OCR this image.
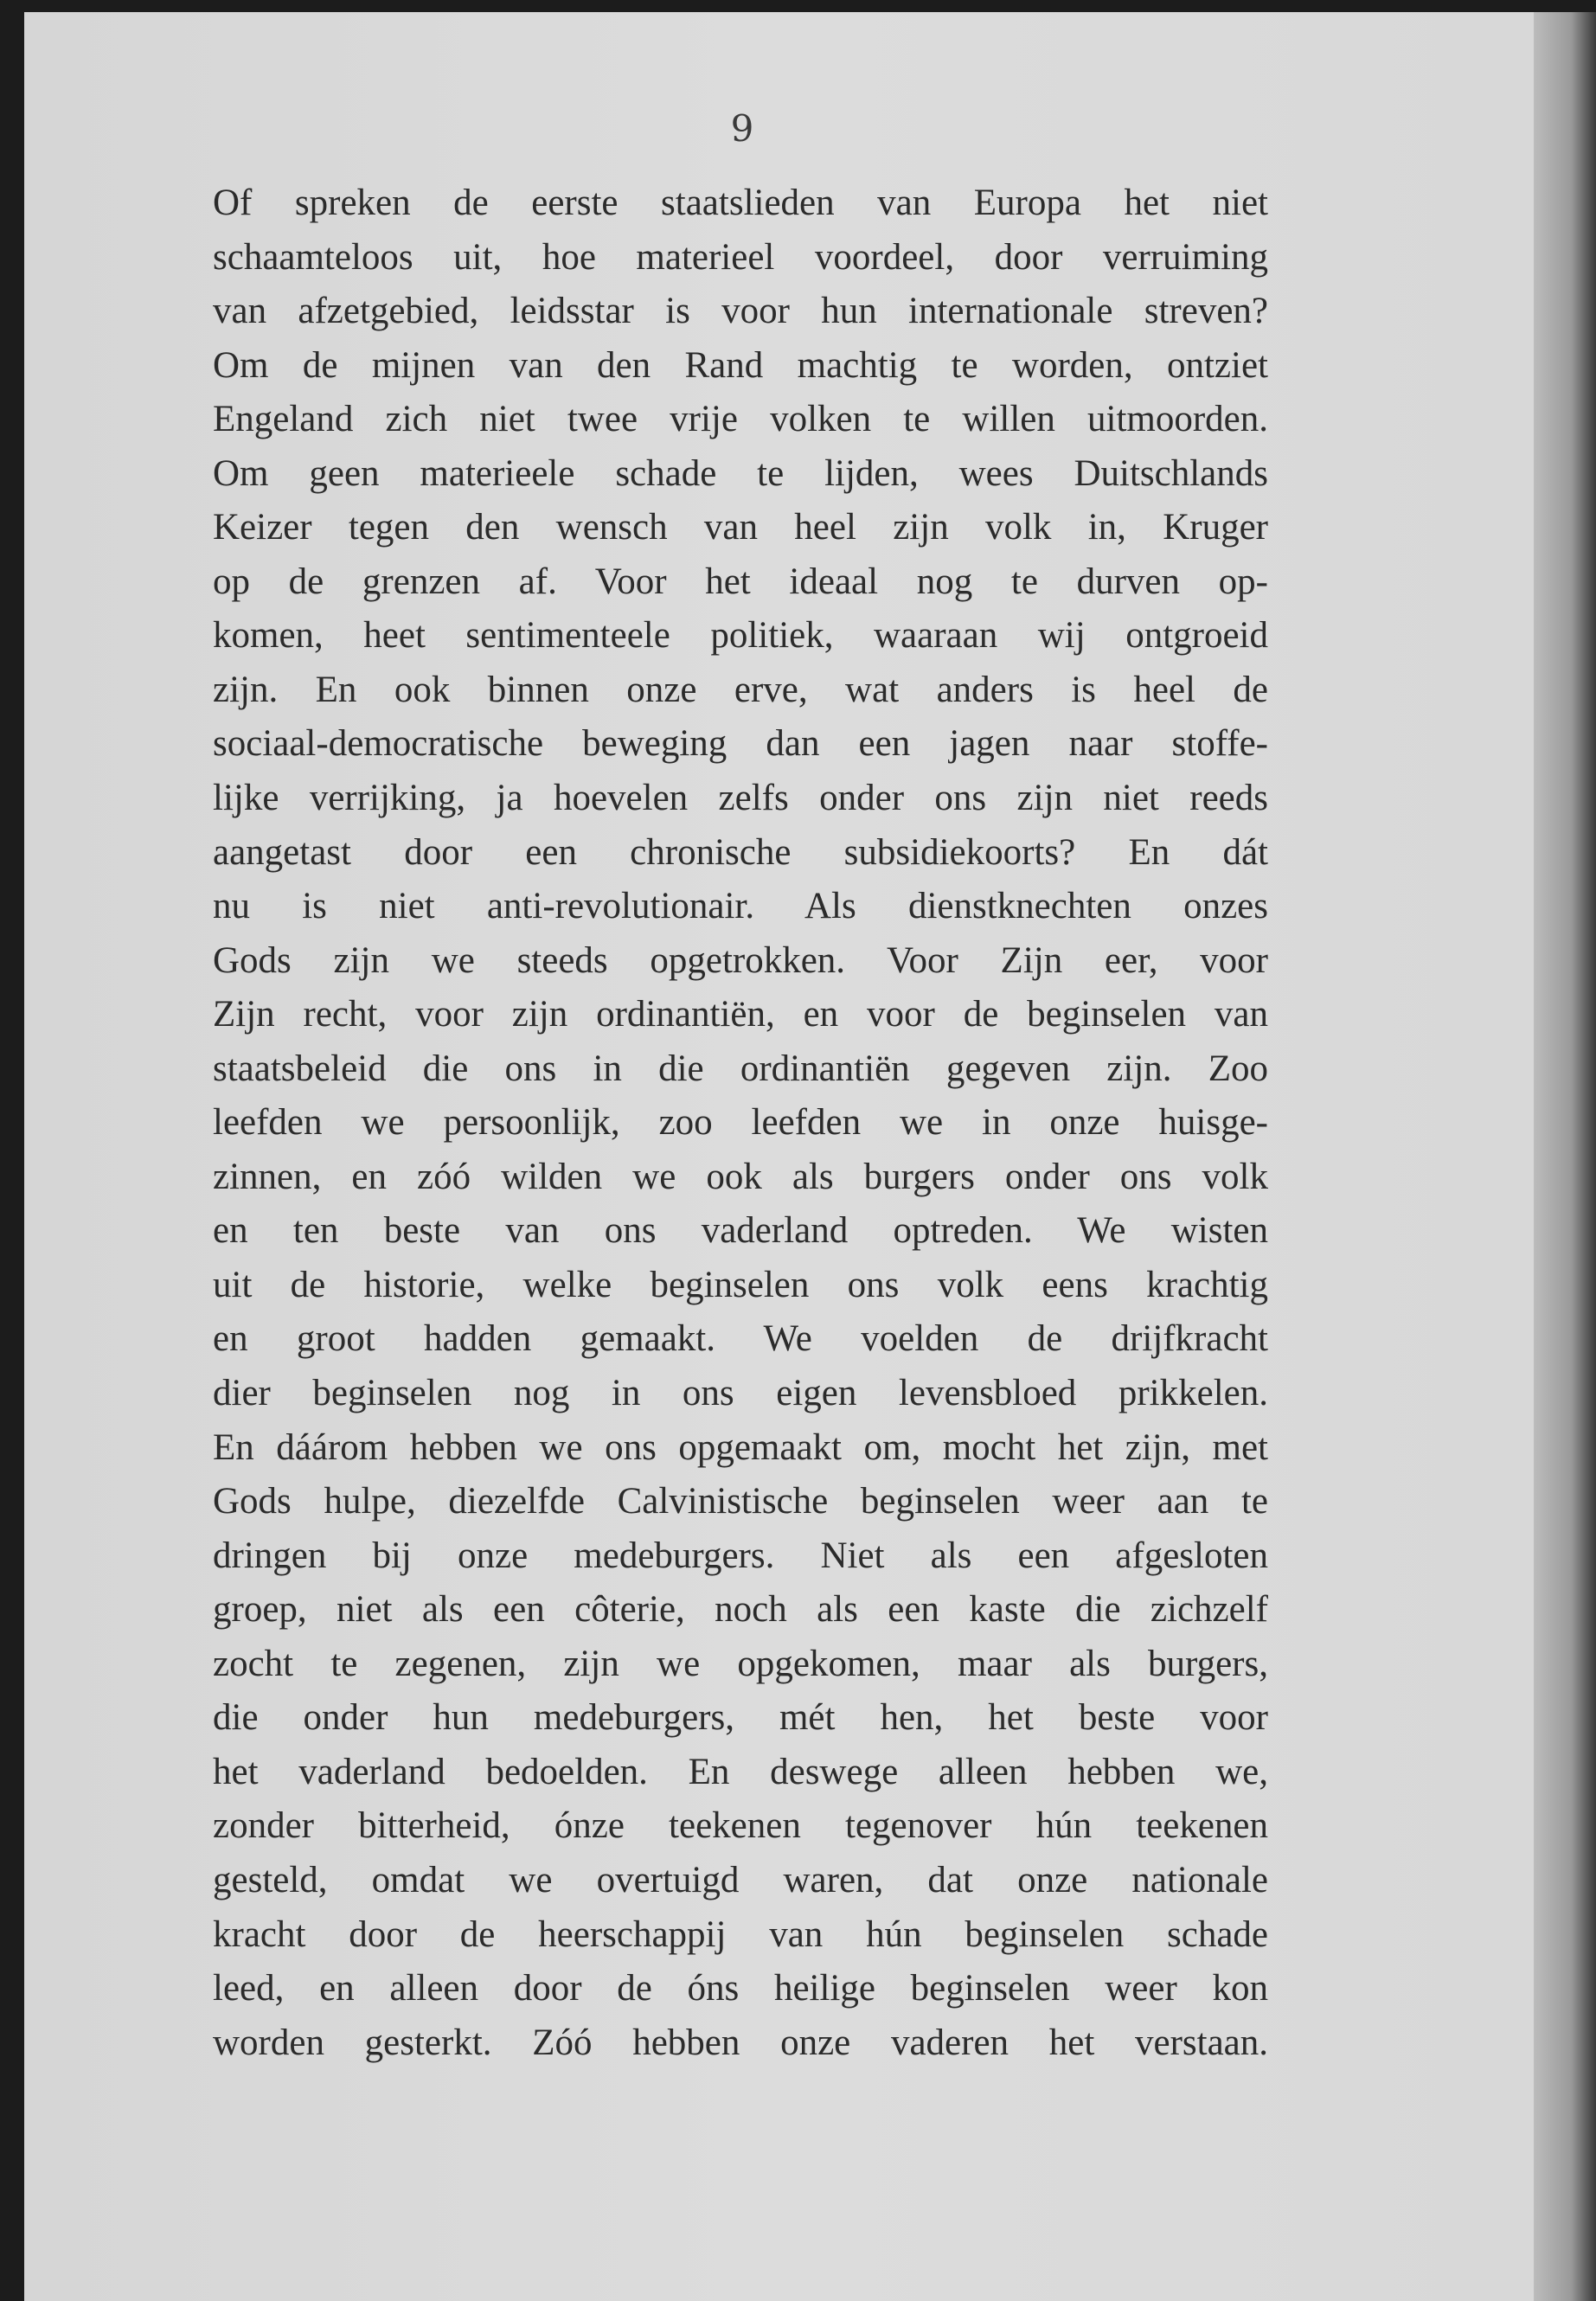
9

Of spreken de eerste staatslieden van Europa het niet
schaamteloos uit, hoe materieel voordeel, door verruiming
van afzetgebied, leidsstar is voor hun internationale streven?
Om de mijnen van den Rand machtig te worden, ontziet
Engeland zich niet twee vrije volken te willen uitmoorden.
Om geen materieele schade te lijden, wees Duitschlands
Keizer tegen den wensch van heel zijn volk in, Kruger
op de grenzen af. Voor het ideaal nog te durven op-
komen, heet sentimenteele politiek, waaraan wij ontgroeid
zijn. En ook binnen onze erve, wat anders is heel de
sociaal-democratische beweging dan een jagen naar stoffe-
lijke verrijking, ja hoevelen zelfs onder ons zijn niet reeds
aangetast door een chronische subsidiekoorts? En dát
nu is niet anti-revolutionair. Als dienstknechten onzes
Gods zijn we steeds opgetrokken. Voor Zijn eer, voor
Zijn recht, voor zijn ordinantiën, en voor de beginselen van
staatsbeleid die ons in die ordinantiën gegeven zijn. Zoo
leefden we persoonlijk, zoo leefden we in onze huisge-
zinnen, en zóó wilden we ook als burgers onder ons volk
en ten beste van ons vaderland optreden. We wisten
uit de historie, welke beginselen ons volk eens krachtig
en groot hadden gemaakt. We voelden de drijfkracht
dier beginselen nog in ons eigen levensbloed prikkelen.
En dáárom hebben we ons opgemaakt om, mocht het zijn, met
Gods hulpe, diezelfde Calvinistische beginselen weer aan te
dringen bij onze medeburgers. Niet als een afgesloten
groep, niet als een côterie, noch als een kaste die zichzelf
zocht te zegenen, zijn we opgekomen, maar als burgers,
die onder hun medeburgers, mét hen, het beste voor
het vaderland bedoelden. En deswege alleen hebben we,
zonder bitterheid, ónze teekenen tegenover hún teekenen
gesteld, omdat we overtuigd waren, dat onze nationale
kracht door de heerschappij van hún beginselen schade
leed, en alleen door de óns heilige beginselen weer kon
worden gesterkt. Zóó hebben onze vaderen het verstaan.
